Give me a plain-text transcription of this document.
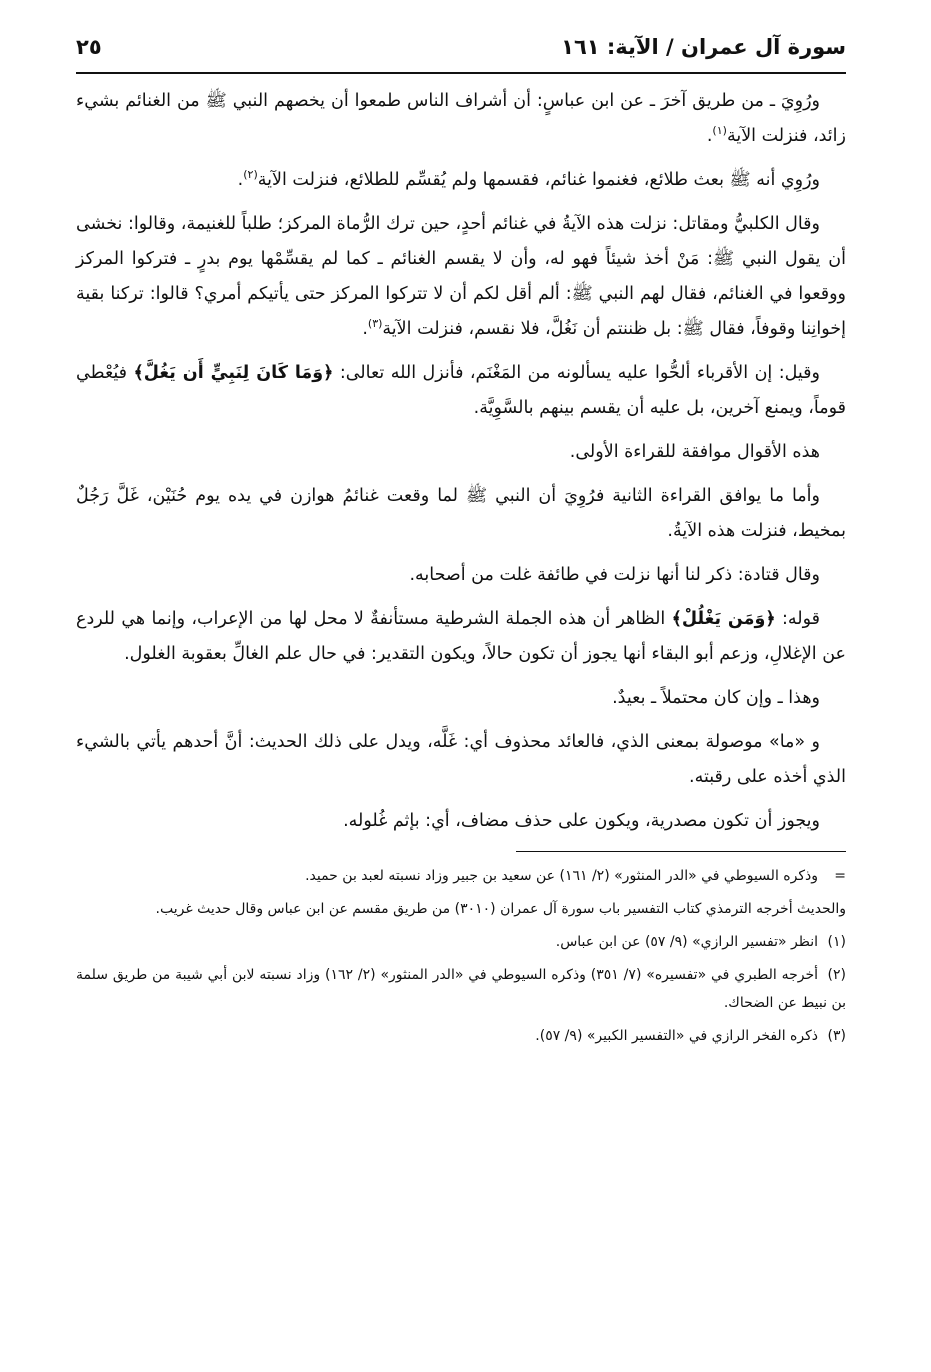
سورة آل عمران / الآية: ١٦١
٢٥

ورُوِيَ ـ من طريق آخرَ ـ عن ابن عباسٍ: أن أشراف الناس طمعوا أن يخصهم النبي ﷺ من الغنائم بشيء زائد، فنزلت الآية$^{(١)}$.

ورُوِي أنه ﷺ بعث طلائع، فغنموا غنائم، فقسمها ولم يُقسِّم للطلائع، فنزلت الآية$^{(٢)}$.

وقال الكلبيُّ ومقاتل: نزلت هذه الآيةُ في غنائم أحدٍ، حين ترك الرُّماة المركز؛ طلباً للغنيمة، وقالوا: نخشى أن يقول النبي ﷺ: مَنْ أخذ شيئاً فهو له، وأن لا يقسم الغنائم ـ كما لم يقسِّمْها يوم بدرٍ ـ فتركوا المركز ووقعوا في الغنائم، فقال لهم النبي ﷺ: ألم أقل لكم أن لا تتركوا المركز حتى يأتيكم أمري؟ قالوا: تركنا بقية إخوانِنا وقوفاً، فقال ﷺ: بل ظننتم أن نَغُلَّ، فلا نقسم، فنزلت الآية$^{(٣)}$.

وقيل: إن الأقرباء ألحُّوا عليه يسألونه من المَغْنَم، فأنزل الله تعالى: ﴿وَمَا كَانَ لِنَبِيٍّ أَن يَغُلَّ﴾ فيُعْطي قوماً، ويمنع آخرين، بل عليه أن يقسم بينهم بالسَّوِيَّة.

هذه الأقوال موافقة للقراءة الأولى.

وأما ما يوافق القراءة الثانية فرُوِيَ أن النبي ﷺ لما وقعت غنائمُ هوازن في يده يوم حُنَيْن، غَلَّ رَجُلٌ بمخيط، فنزلت هذه الآيةُ.

وقال قتادة: ذكر لنا أنها نزلت في طائفة غلت من أصحابه.

قوله: ﴿وَمَن يَغْلُلْ﴾ الظاهر أن هذه الجملة الشرطية مستأنفةٌ لا محل لها من الإعراب، وإنما هي للردع عن الإغلالِ، وزعم أبو البقاء أنها يجوز أن تكون حالاً، ويكون التقدير: في حال علم الغالِّ بعقوبة الغلول.

وهذا ـ وإن كان محتملاً ـ بعيدٌ.

و «ما» موصولة بمعنى الذي، فالعائد محذوف أي: غَلَّه، ويدل على ذلك الحديث: أنَّ أحدهم يأتي بالشيء الذي أخذه على رقبته.

ويجوز أن تكون مصدرية، ويكون على حذف مضاف، أي: بإثم غُلوله.

=وذكره السيوطي في «الدر المنثور» (٢/ ١٦١) عن سعيد بن جبير وزاد نسبته لعبد بن حميد.

والحديث أخرجه الترمذي كتاب التفسير باب سورة آل عمران (٣٠١٠) من طريق مقسم عن ابن عباس وقال حديث غريب.

(١)انظر «تفسير الرازي» (٩/ ٥٧) عن ابن عباس.

(٢)أخرجه الطبري في «تفسيره» (٧/ ٣٥١) وذكره السيوطي في «الدر المنثور» (٢/ ١٦٢) وزاد نسبته لابن أبي شيبة من طريق سلمة بن نبيط عن الضحاك.

(٣)ذكره الفخر الرازي في «التفسير الكبير» (٩/ ٥٧).
